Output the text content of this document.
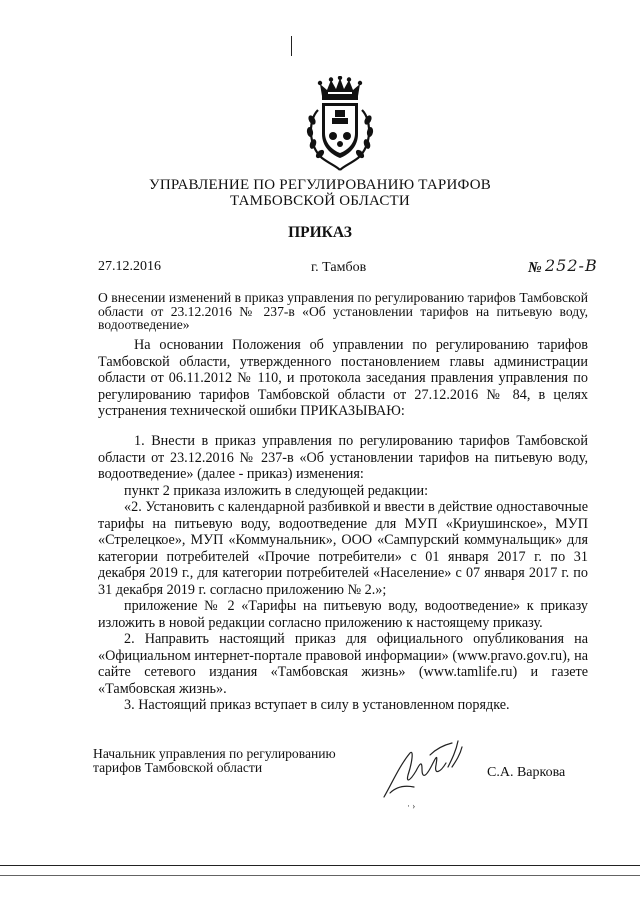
УПРАВЛЕНИЕ ПО РЕГУЛИРОВАНИЮ ТАРИФОВ
ТАМБОВСКОЙ ОБЛАСТИ
ПРИКАЗ
27.12.2016	г. Тамбов	№ 252-В
О внесении изменений в приказ управления по регулированию тарифов Тамбовской области от 23.12.2016 № 237-в «Об установлении тарифов на питьевую воду, водоотведение»

На основании Положения об управлении по регулированию тарифов Тамбовской области, утвержденного постановлением главы администрации области от 06.11.2012 № 110, и протокола заседания правления управления по регулированию тарифов Тамбовской области от 27.12.2016 № 84, в целях устранения технической ошибки ПРИКАЗЫВАЮ:

1. Внести в приказ управления по регулированию тарифов Тамбовской области от 23.12.2016 № 237-в «Об установлении тарифов на питьевую воду, водоотведение» (далее - приказ) изменения:

пункт 2 приказа изложить в следующей редакции:

«2. Установить с календарной разбивкой и ввести в действие одноставочные тарифы на питьевую воду, водоотведение для МУП «Криушинское», МУП «Стрелецкое», МУП «Коммунальник», ООО «Сампурский коммунальщик» для категории потребителей «Прочие потребители» с 01 января 2017 г. по 31 декабря 2019 г., для категории потребителей «Население» с 07 января 2017 г. по 31 декабря 2019 г. согласно приложению № 2.»;

приложение № 2 «Тарифы на питьевую воду, водоотведение» к приказу изложить в новой редакции согласно приложению к настоящему приказу.

2. Направить настоящий приказ для официального опубликования на «Официальном интернет-портале правовой информации» (www.pravo.gov.ru), на сайте сетевого издания «Тамбовская жизнь» (www.tamlife.ru) и газете «Тамбовская жизнь».

3. Настоящий приказ вступает в силу в установленном порядке.

Начальник управления по регулированию
тарифов Тамбовской области	С.А. Варкова
· ›
